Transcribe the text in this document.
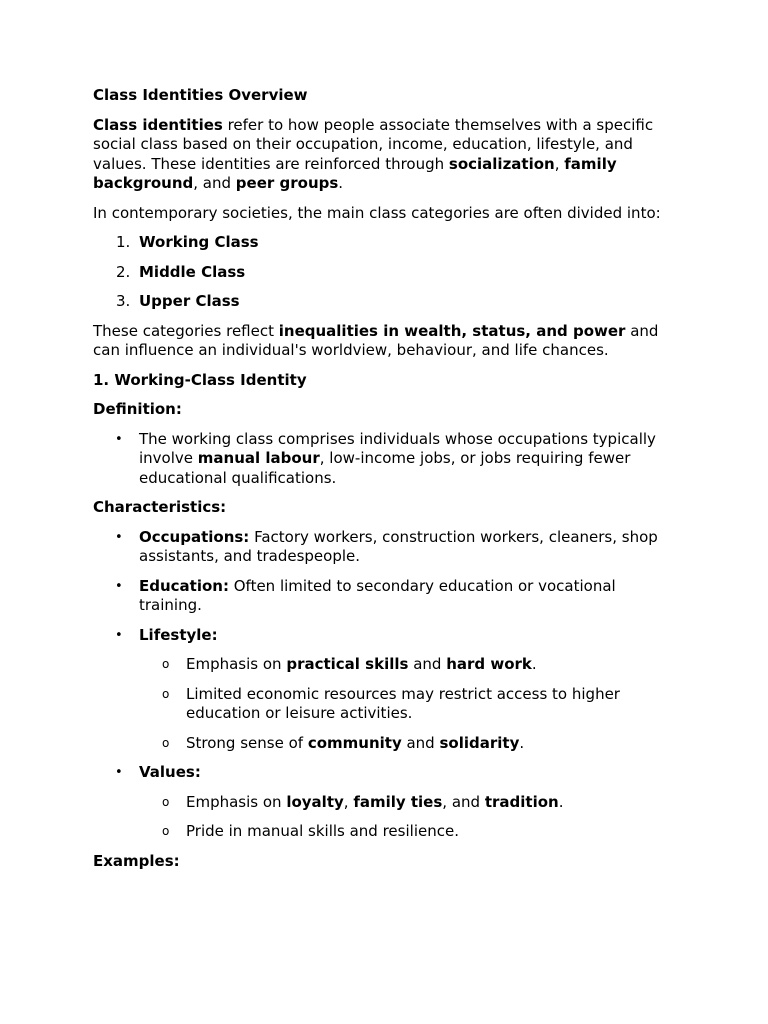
Class Identities Overview

Class identities refer to how people associate themselves with a specific social class based on their occupation, income, education, lifestyle, and values. These identities are reinforced through socialization, family background, and peer groups.

In contemporary societies, the main class categories are often divided into:

1. Working Class
2. Middle Class
3. Upper Class

These categories reflect inequalities in wealth, status, and power and can influence an individual's worldview, behaviour, and life chances.

1. Working-Class Identity

Definition:

• The working class comprises individuals whose occupations typically involve manual labour, low-income jobs, or jobs requiring fewer educational qualifications.

Characteristics:

• Occupations: Factory workers, construction workers, cleaners, shop assistants, and tradespeople.
• Education: Often limited to secondary education or vocational training.
• Lifestyle:
o Emphasis on practical skills and hard work.
o Limited economic resources may restrict access to higher education or leisure activities.
o Strong sense of community and solidarity.
• Values:
o Emphasis on loyalty, family ties, and tradition.
o Pride in manual skills and resilience.

Examples:
